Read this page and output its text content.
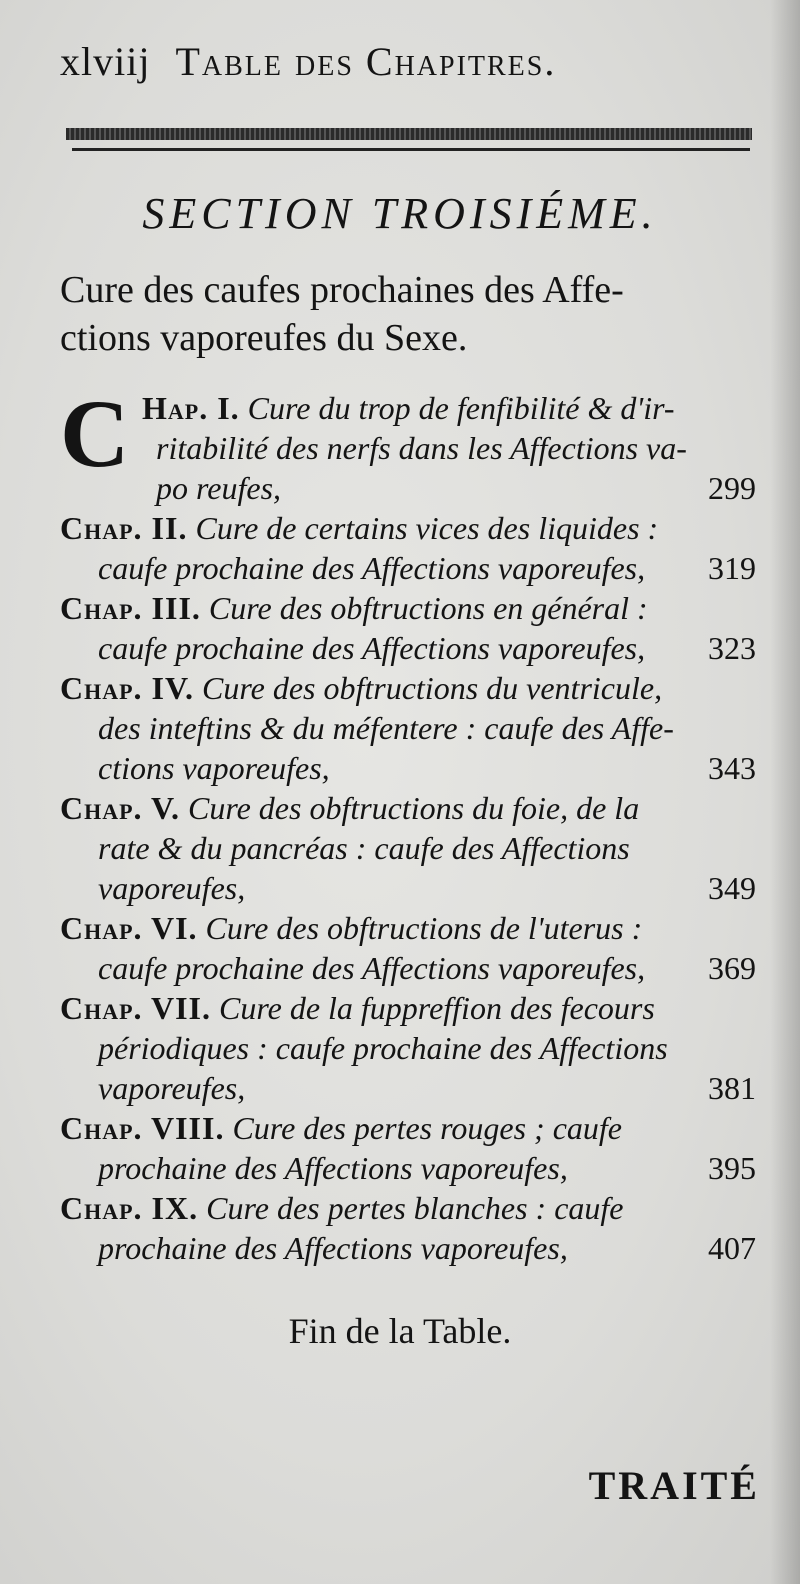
xlviij Table des Chapitres.
SECTION TROISIÉME.
Cure des caufes prochaines des Affe-
ctions vaporeufes du Sexe.
C Hap. I. Cure du trop de fenfibilité & d'ir-
ritabilité des nerfs dans les Affections va-
po reufes,	299
Chap. II. Cure de certains vices des liquides :
caufe prochaine des Affections vaporeufes, 319
Chap. III. Cure des obftructions en général :
caufe prochaine des Affections vaporeufes, 323
Chap. IV. Cure des obftructions du ventricule,
des inteftins & du méfentere : caufe des Affe-
ctions vaporeufes,	343
Chap. V. Cure des obftructions du foie, de la
rate & du pancréas : caufe des Affections
vaporeufes,	349
Chap. VI. Cure des obftructions de l'uterus :
caufe prochaine des Affections vaporeufes, 369
Chap. VII. Cure de la fuppreffion des fecours
périodiques : caufe prochaine des Affections
vaporeufes,	381
Chap. VIII. Cure des pertes rouges ; caufe
prochaine des Affections vaporeufes,	395
Chap. IX. Cure des pertes blanches : caufe
prochaine des Affections vaporeufes,	407
Fin de la Table.
TRAITÉ
